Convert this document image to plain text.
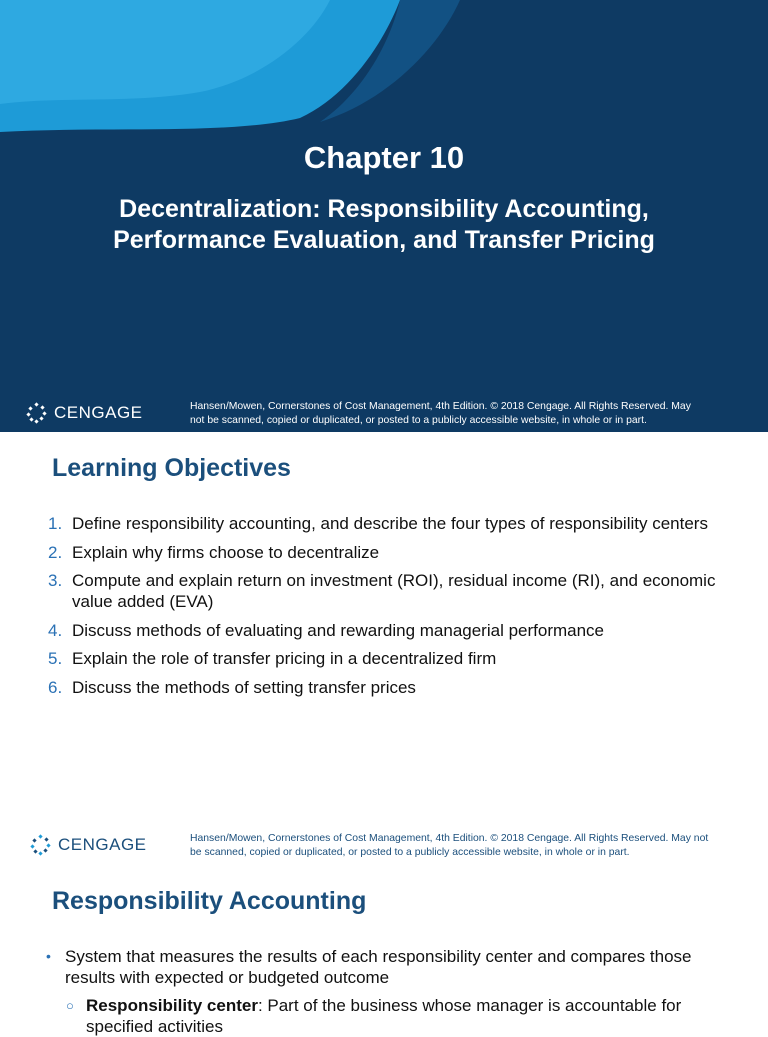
Chapter 10
Decentralization: Responsibility Accounting,
Performance Evaluation, and Transfer Pricing
CENGAGE	Hansen/Mowen, Cornerstones of Cost Management, 4th Edition. © 2018 Cengage. All Rights Reserved. May
not be scanned, copied or duplicated, or posted to a publicly accessible website, in whole or in part.
Learning Objectives
1. Define responsibility accounting, and describe the four types of responsibility centers
2. Explain why firms choose to decentralize
3. Compute and explain return on investment (ROI), residual income (RI), and economic value added (EVA)
4. Discuss methods of evaluating and rewarding managerial performance
5. Explain the role of transfer pricing in a decentralized firm
6. Discuss the methods of setting transfer prices
CENGAGE	Hansen/Mowen, Cornerstones of Cost Management, 4th Edition. © 2018 Cengage. All Rights Reserved. May not
be scanned, copied or duplicated, or posted to a publicly accessible website, in whole or in part.
Responsibility Accounting
• System that measures the results of each responsibility center and compares those results with expected or budgeted outcome
○ Responsibility center: Part of the business whose manager is accountable for specified activities
